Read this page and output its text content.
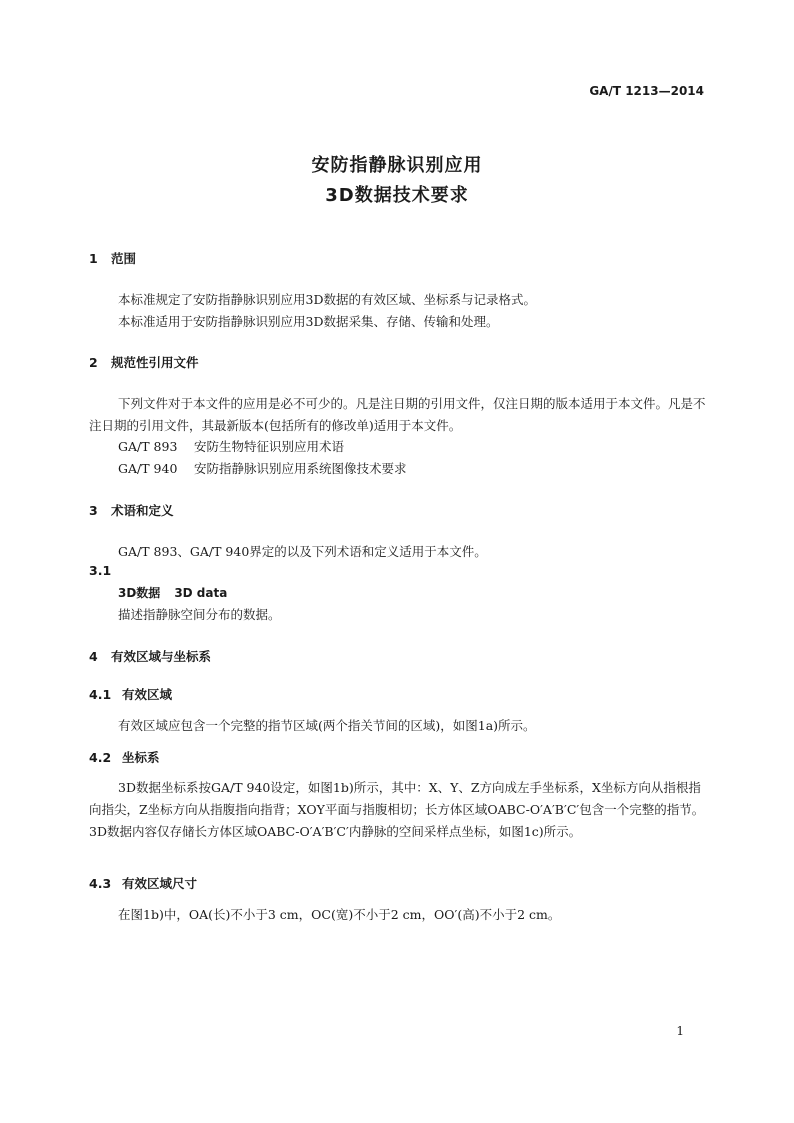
GA/T 1213—2014
安防指静脉识别应用
3D数据技术要求
1 范围
本标准规定了安防指静脉识别应用3D数据的有效区域、坐标系与记录格式。
本标准适用于安防指静脉识别应用3D数据采集、存储、传输和处理。
2 规范性引用文件
下列文件对于本文件的应用是必不可少的。凡是注日期的引用文件，仅注日期的版本适用于本文件。凡是不注日期的引用文件，其最新版本(包括所有的修改单)适用于本文件。
GA/T 893 安防生物特征识别应用术语
GA/T 940 安防指静脉识别应用系统图像技术要求
3 术语和定义
GA/T 893、GA/T 940界定的以及下列术语和定义适用于本文件。
3.1
3D数据 3D data
描述指静脉空间分布的数据。
4 有效区域与坐标系
4.1 有效区域
有效区域应包含一个完整的指节区域(两个指关节间的区域)，如图1a)所示。
4.2 坐标系
3D数据坐标系按GA/T 940设定，如图1b)所示，其中：X、Y、Z方向成左手坐标系，X坐标方向从指根指向指尖，Z坐标方向从指腹指向指背；XOY平面与指腹相切；长方体区域OABC-O′A′B′C′包含一个完整的指节。3D数据内容仅存储长方体区域OABC-O′A′B′C′内静脉的空间采样点坐标，如图1c)所示。
4.3 有效区域尺寸
在图1b)中，OA(长)不小于3 cm，OC(宽)不小于2 cm，OO′(高)不小于2 cm。
1
